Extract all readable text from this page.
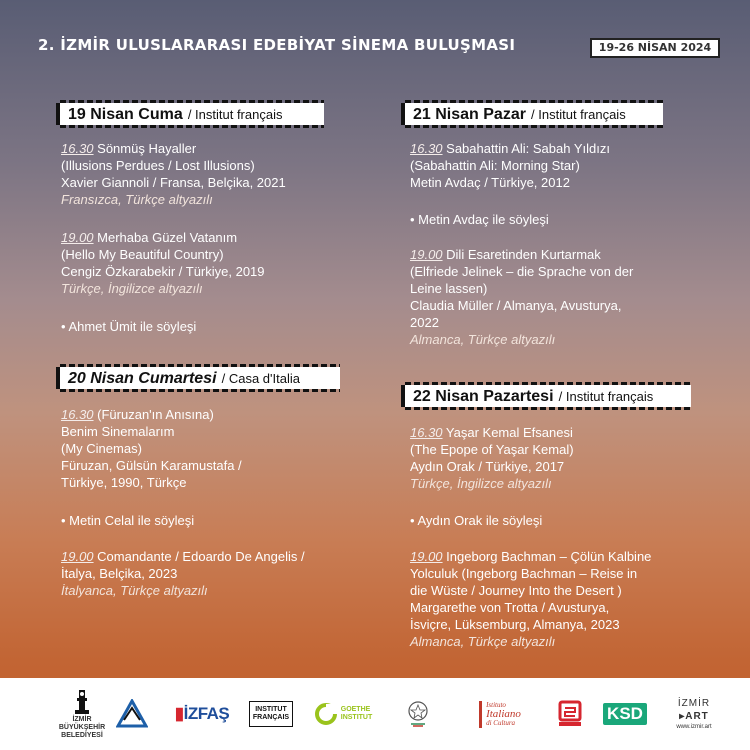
2. İZMİR ULUSLARARASI EDEBİYAT SİNEMA BULUŞMASI	19-26 NİSAN 2024
19 Nisan Cuma / Institut français
16.30 Sönmüş Hayaller
(Illusions Perdues / Lost Illusions)
Xavier Giannoli / Fransa, Belçika, 2021
Fransızca, Türkçe altyazılı
19.00 Merhaba Güzel Vatanım
(Hello My Beautiful Country)
Cengiz Özkarabekir / Türkiye, 2019
Türkçe, İngilizce altyazılı
• Ahmet Ümit ile söyleşi
20 Nisan Cumartesi / Casa d'Italia
16.30 (Füruzan'ın Anısına)
Benim Sinemalarım
(My Cinemas)
Füruzan, Gülsün Karamustafa /
Türkiye, 1990, Türkçe
• Metin Celal ile söyleşi
19.00 Comandante / Edoardo De Angelis /
İtalya, Belçika, 2023
İtalyanca, Türkçe altyazılı
21 Nisan Pazar / Institut français
16.30 Sabahattin Ali: Sabah Yıldızı
(Sabahattin Ali: Morning Star)
Metin Avdaç / Türkiye, 2012
• Metin Avdaç ile söyleşi
19.00 Dili Esaretinden Kurtarmak
(Elfriede Jelinek – die Sprache von der
Leine lassen)
Claudia Müller / Almanya, Avusturya,
2022
Almanca, Türkçe altyazılı
22 Nisan Pazartesi / Institut français
16.30 Yaşar Kemal Efsanesi
(The Epope of Yaşar Kemal)
Aydın Orak / Türkiye, 2017
Türkçe, İngilizce altyazılı
• Aydın Orak ile söyleşi
19.00 Ingeborg Bachman – Çölün Kalbine
Yolculuk (Ingeborg Bachman – Reise in
die Wüste / Journey Into the Desert )
Margarethe von Trotta / Avusturya,
İsviçre, Lüksemburg, Almanya, 2023
Almanca, Türkçe altyazılı
İZMİR
BÜYÜKŞEHİR
BELEDİYESİ
▮İZFAŞ	INSTITUT
FRANÇAIS
GOETHE
INSTITUT
Istituto
Italiano
di Cultura	KSD
İZMİR
▸ART
www.izmir.art
